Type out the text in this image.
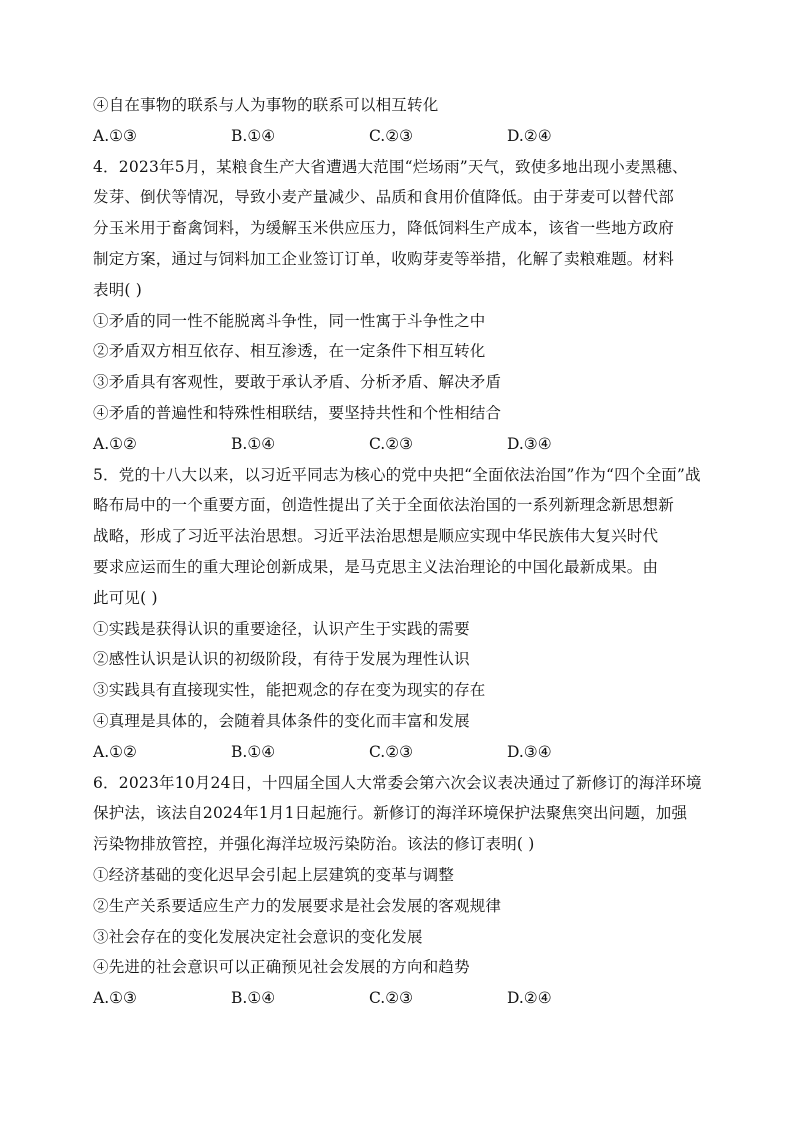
④自在事物的联系与人为事物的联系可以相互转化
A.①③	B.①④	C.②③	D.②④
4．2023年5月，某粮食生产大省遭遇大范围“烂场雨”天气，致使多地出现小麦黑穗、
发芽、倒伏等情况，导致小麦产量减少、品质和食用价值降低。由于芽麦可以替代部
分玉米用于畜禽饲料，为缓解玉米供应压力，降低饲料生产成本，该省一些地方政府
制定方案，通过与饲料加工企业签订订单，收购芽麦等举措，化解了卖粮难题。材料
表明( )
①矛盾的同一性不能脱离斗争性，同一性寓于斗争性之中
②矛盾双方相互依存、相互渗透，在一定条件下相互转化
③矛盾具有客观性，要敢于承认矛盾、分析矛盾、解决矛盾
④矛盾的普遍性和特殊性相联结，要坚持共性和个性相结合
A.①②	B.①④	C.②③	D.③④
5．党的十八大以来，以习近平同志为核心的党中央把“全面依法治国”作为“四个全面”战
略布局中的一个重要方面，创造性提出了关于全面依法治国的一系列新理念新思想新
战略，形成了习近平法治思想。习近平法治思想是顺应实现中华民族伟大复兴时代
要求应运而生的重大理论创新成果，是马克思主义法治理论的中国化最新成果。由
此可见( )
①实践是获得认识的重要途径，认识产生于实践的需要
②感性认识是认识的初级阶段，有待于发展为理性认识
③实践具有直接现实性，能把观念的存在变为现实的存在
④真理是具体的，会随着具体条件的变化而丰富和发展
A.①②	B.①④	C.②③	D.③④
6．2023年10月24日，十四届全国人大常委会第六次会议表决通过了新修订的海洋环境
保护法，该法自2024年1月1日起施行。新修订的海洋环境保护法聚焦突出问题，加强
污染物排放管控，并强化海洋垃圾污染防治。该法的修订表明( )
①经济基础的变化迟早会引起上层建筑的变革与调整
②生产关系要适应生产力的发展要求是社会发展的客观规律
③社会存在的变化发展决定社会意识的变化发展
④先进的社会意识可以正确预见社会发展的方向和趋势
A.①③	B.①④	C.②③	D.②④
